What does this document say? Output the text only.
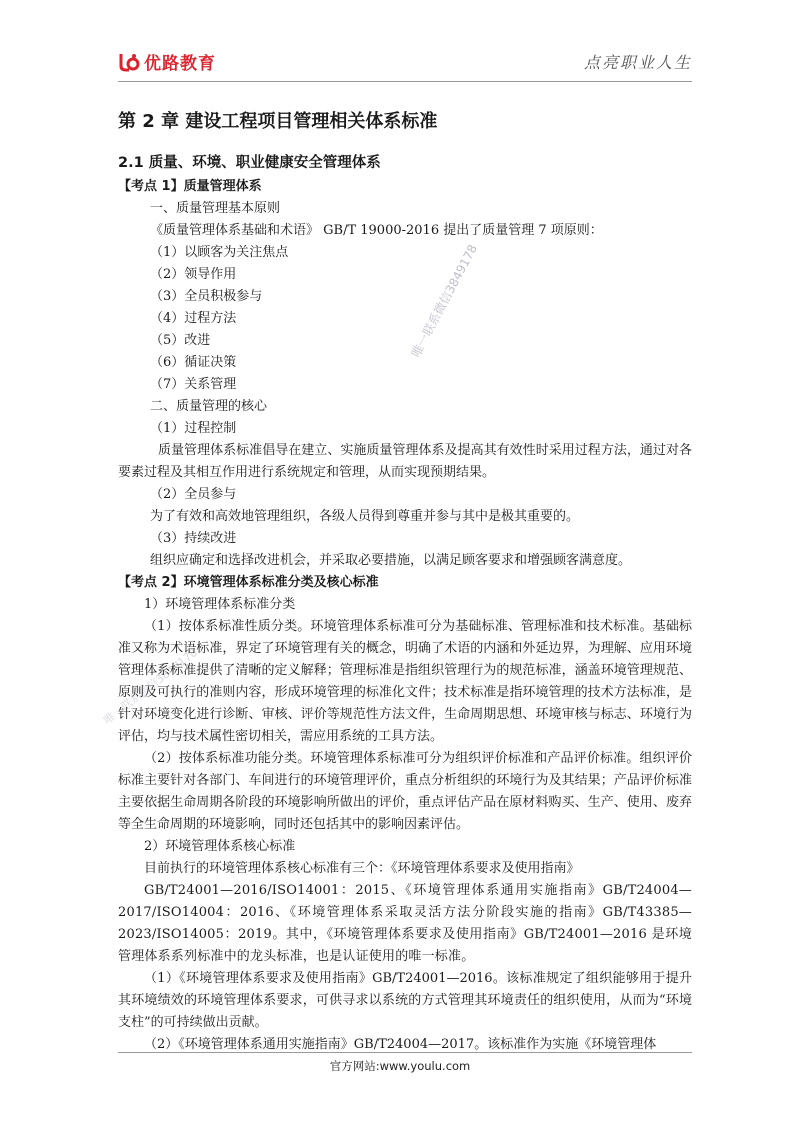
优路教育	点亮职业人生
唯一联系微信3849178
唯一联系微信3849178
第 2 章 建设工程项目管理相关体系标准
2.1 质量、环境、职业健康安全管理体系
【考点 1】质量管理体系
一、质量管理基本原则
《质量管理体系基础和术语》 GB/T 19000-2016 提出了质量管理 7 项原则：
（1）以顾客为关注焦点
（2）领导作用
（3）全员积极参与
（4）过程方法
（5）改进
（6）循证决策
（7）关系管理
二、质量管理的核心
（1）过程控制

质量管理体系标准倡导在建立、实施质量管理体系及提高其有效性时采用过程方法，通过对各要素过程及其相互作用进行系统规定和管理，从而实现预期结果。

（2）全员参与
为了有效和高效地管理组织，各级人员得到尊重并参与其中是极其重要的。
（3）持续改进
组织应确定和选择改进机会，并采取必要措施，以满足顾客要求和增强顾客满意度。
【考点 2】环境管理体系标准分类及核心标准
1）环境管理体系标准分类

（1）按体系标准性质分类。环境管理体系标准可分为基础标准、管理标准和技术标准。基础标准又称为术语标准，界定了环境管理有关的概念，明确了术语的内涵和外延边界，为理解、应用环境管理体系标准提供了清晰的定义解释；管理标准是指组织管理行为的规范标准，涵盖环境管理规范、原则及可执行的准则内容，形成环境管理的标准化文件；技术标准是指环境管理的技术方法标准，是针对环境变化进行诊断、审核、评价等规范性方法文件，生命周期思想、环境审核与标志、环境行为评估，均与技术属性密切相关，需应用系统的工具方法。

（2）按体系标准功能分类。环境管理体系标准可分为组织评价标准和产品评价标准。组织评价标准主要针对各部门、车间进行的环境管理评价，重点分析组织的环境行为及其结果；产品评价标准主要依据生命周期各阶段的环境影响所做出的评价，重点评估产品在原材料购买、生产、使用、废弃等全生命周期的环境影响，同时还包括其中的影响因素评估。

2）环境管理体系核心标准

目前执行的环境管理体系核心标准有三个：《环境管理体系要求及使用指南》

GB/T24001—2016/ISO14001：2015、《环境管理体系通用实施指南》GB/T24004—2017/ISO14004：2016、《环境管理体系采取灵活方法分阶段实施的指南》GB/T43385—2023/ISO14005：2019。其中，《环境管理体系要求及使用指南》GB/T24001—2016 是环境管理体系系列标准中的龙头标准，也是认证使用的唯一标准。

（1）《环境管理体系要求及使用指南》GB/T24001—2016。该标准规定了组织能够用于提升其环境绩效的环境管理体系要求，可供寻求以系统的方式管理其环境责任的组织使用，从而为“环境支柱”的可持续做出贡献。

（2）《环境管理体系通用实施指南》GB/T24004—2017。该标准作为实施《环境管理体
官方网站:www.youlu.com
